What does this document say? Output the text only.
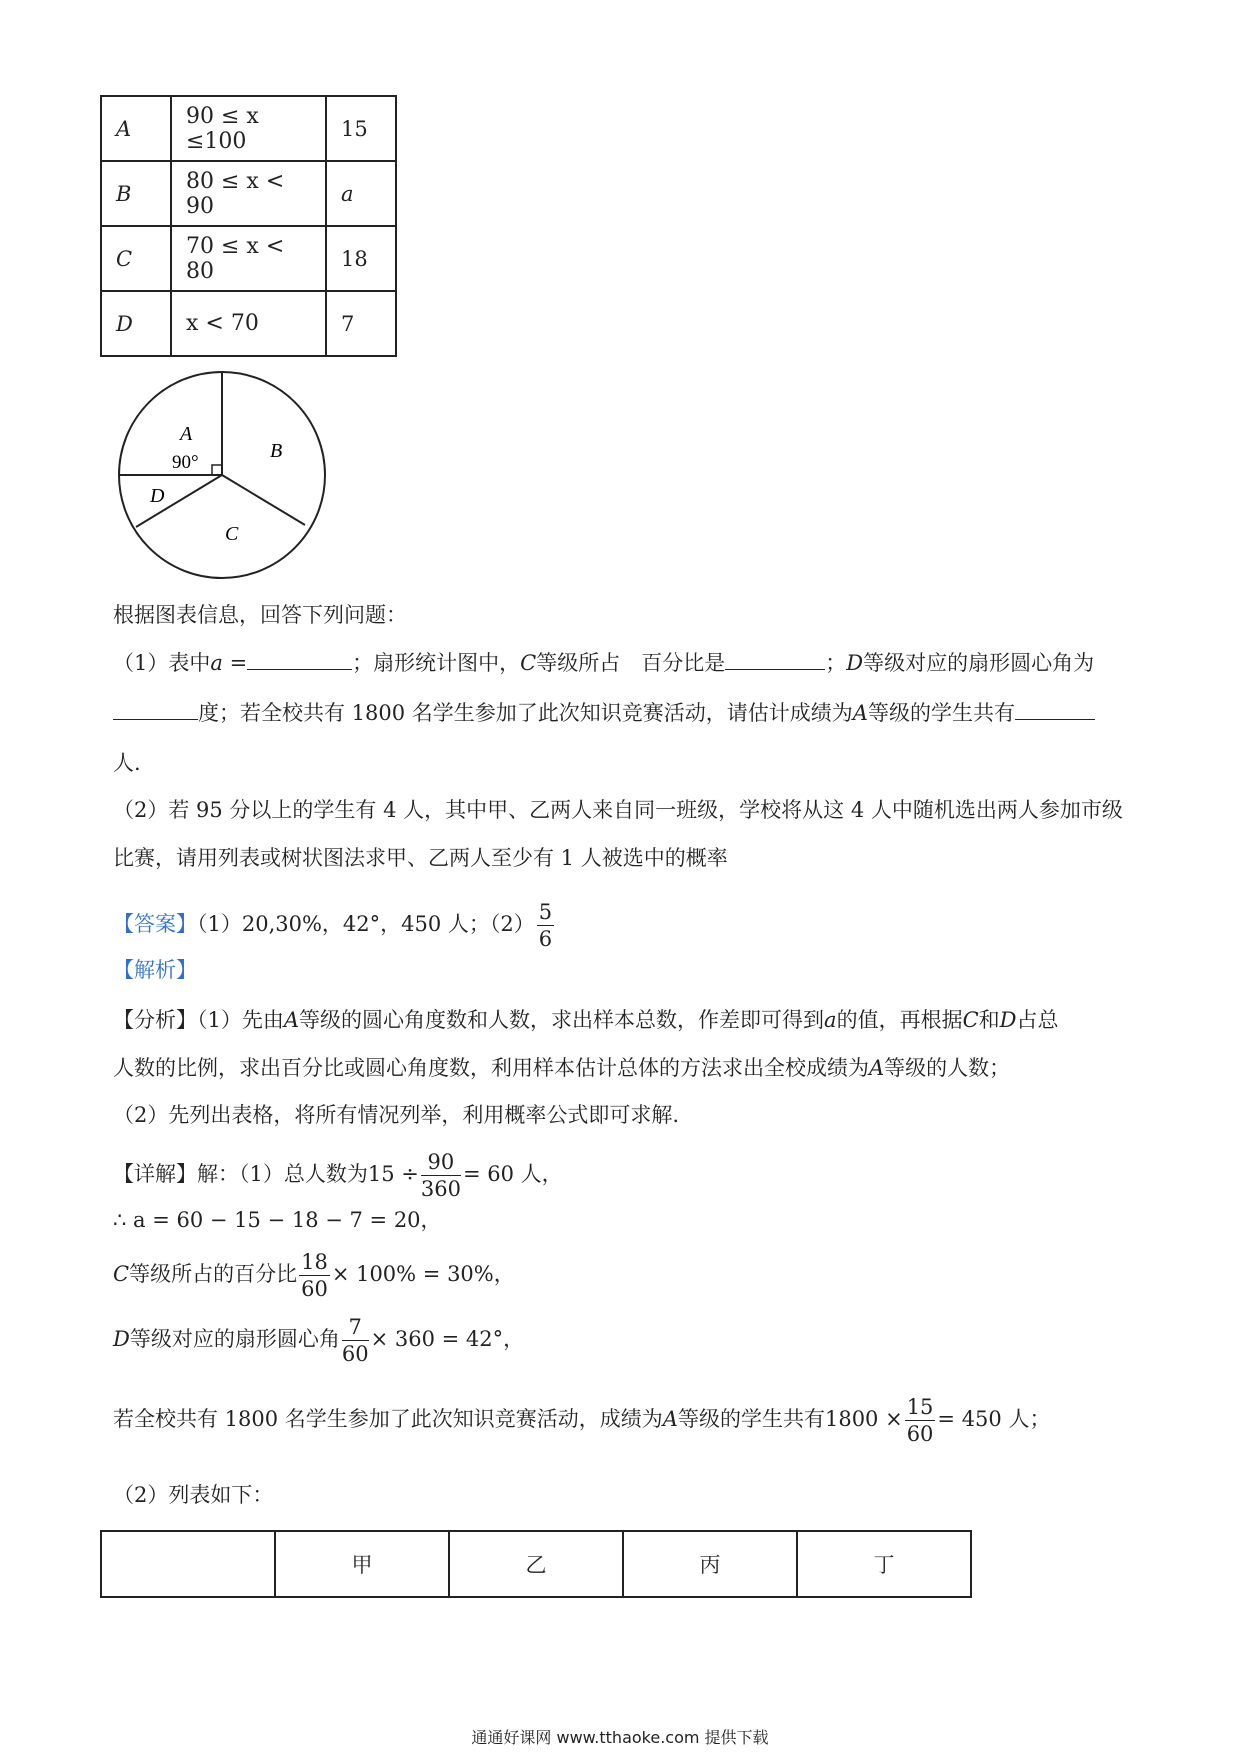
A	90 ≤ x ≤100	15
B	80 ≤ x < 90	a
C	70 ≤ x < 80	18
D	x < 70	7
A
B
C
D
90°
根据图表信息，回答下列问题：
（1）表中a =	；扇形统计图中，C等级所占　百分比是	；D等级对应的扇形圆心角为
度；若全校共有 1800 名学生参加了此次知识竞赛活动，请估计成绩为A等级的学生共有
人.
（2）若 95 分以上的学生有 4 人，其中甲、乙两人来自同一班级，学校将从这 4 人中随机选出两人参加市级
比赛，请用列表或树状图法求甲、乙两人至少有 1 人被选中的概率
【答案】（1）20,30%，42°，450 人；$(2) \frac{5}{6}$
【解析】
【分析】（1）先由A等级的圆心角度数和人数，求出样本总数，作差即可得到a的值，再根据C和D占总
人数的比例，求出百分比或圆心角度数，利用样本估计总体的方法求出全校成绩为A等级的人数；
（2）先列出表格，将所有情况列举，利用概率公式即可求解.
【详解】解：（1）总人数为$15 \div \frac{90}{360} = 60$ 人，
∴ a = 60 − 15 − 18 − 7 = 20，
C等级所占的百分比 $\frac{18}{60} \times 100\% = 30\%$，
D等级对应的扇形圆心角 $\frac{7}{60} \times 360 = 42^\circ$，
若全校共有 1800 名学生参加了此次知识竞赛活动，成绩为A等级的学生共有$1800 \times \frac{15}{60} = 450$ 人；
（2）列表如下：
	甲	乙	丙	丁
通通好课网 www.tthaoke.com 提供下载
